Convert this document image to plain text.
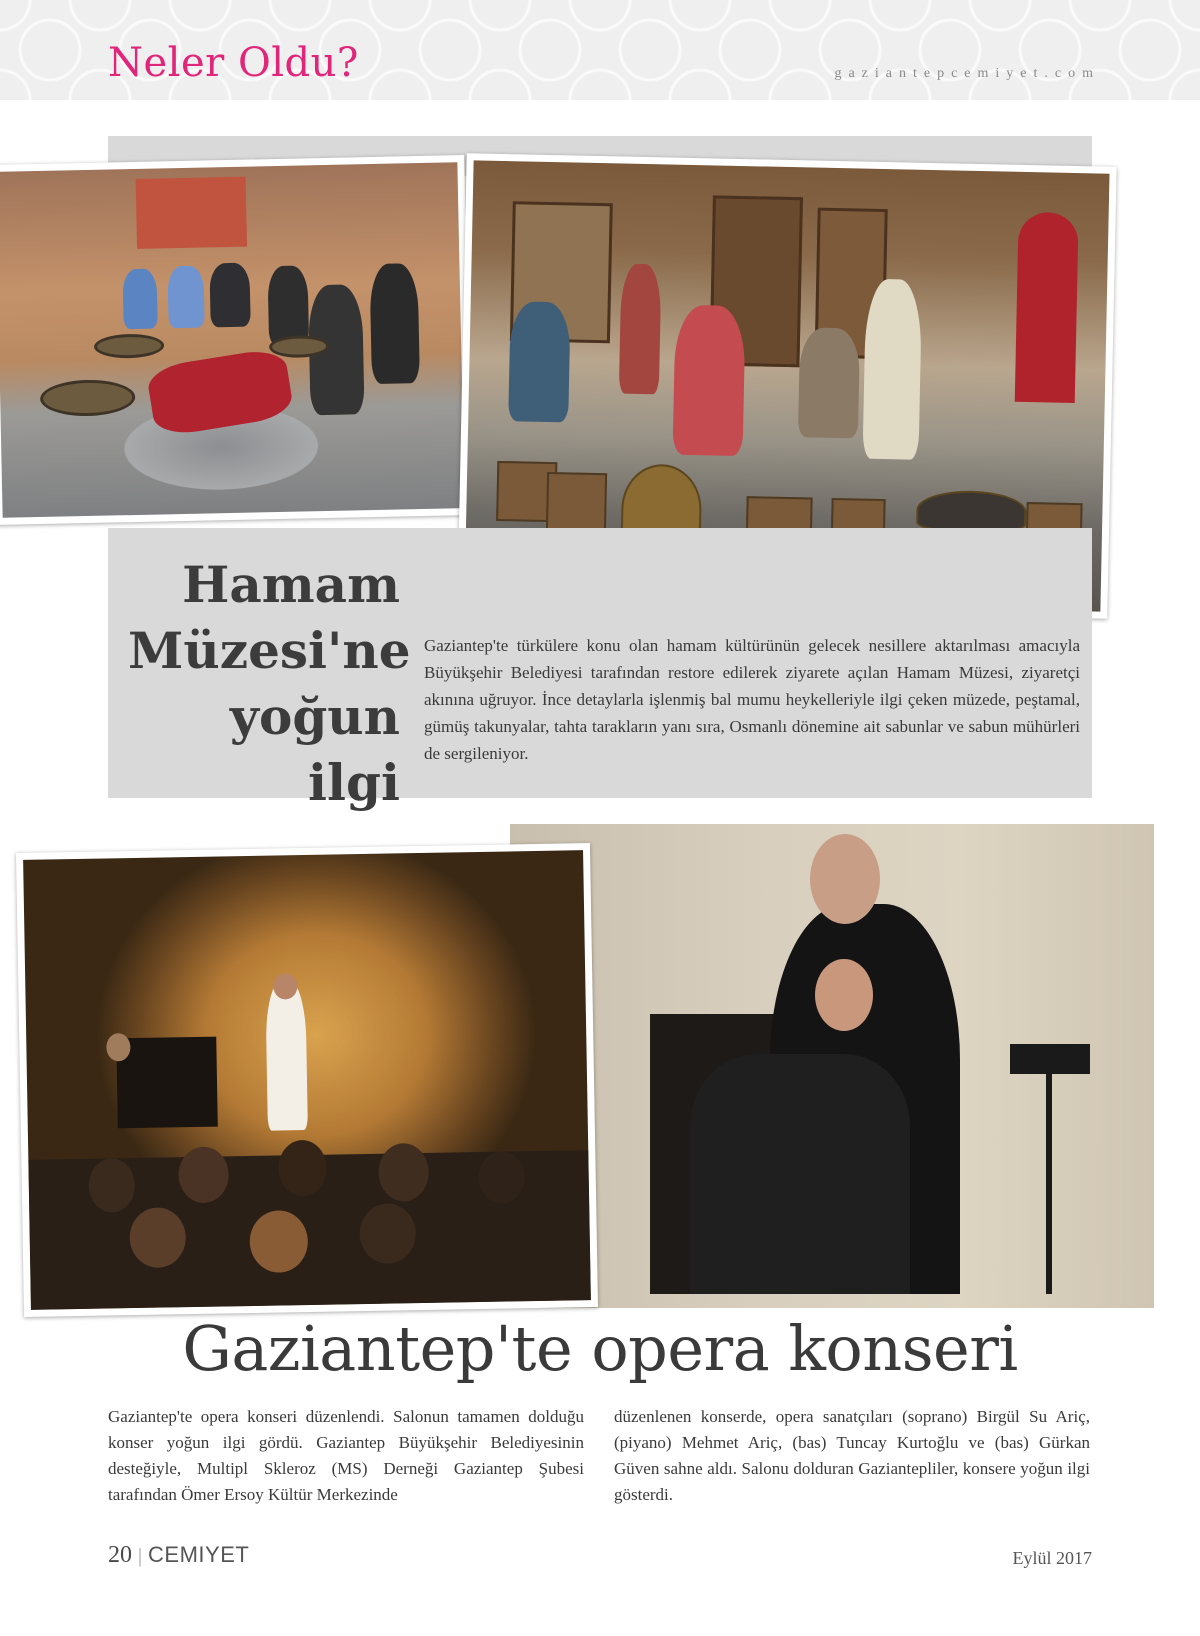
Neler Oldu?	gaziantepcemiyet.com
Hamam
Müzesi'ne
yoğun ilgi
Gaziantep'te türkülere konu olan hamam kültürünün gelecek nesillere aktarılması amacıyla Büyükşehir Belediyesi tarafından restore edilerek ziyarete açılan Hamam Müzesi, ziyaretçi akınına uğruyor. İnce detaylarla işlenmiş bal mumu heykelleriyle ilgi çeken müzede, peştamal, gümüş takunyalar, tahta tarakların yanı sıra, Osmanlı dönemine ait sabunlar ve sabun mühürleri de sergileniyor.
Gaziantep'te opera konseri
Gaziantep'te opera konseri düzenlendi. Salonun tamamen dolduğu konser yoğun ilgi gördü. Gaziantep Büyükşehir Belediyesinin desteğiyle, Multipl Skleroz (MS) Derneği Gaziantep Şubesi tarafından Ömer Ersoy Kültür Merkezinde
düzenlenen konserde, opera sanatçıları (soprano) Birgül Su Ariç, (piyano) Mehmet Ariç, (bas) Tuncay Kurtoğlu ve (bas) Gürkan Güven sahne aldı. Salonu dolduran Gaziantepliler, konsere yoğun ilgi gösterdi.
20 | CEMIYET	Eylül 2017
